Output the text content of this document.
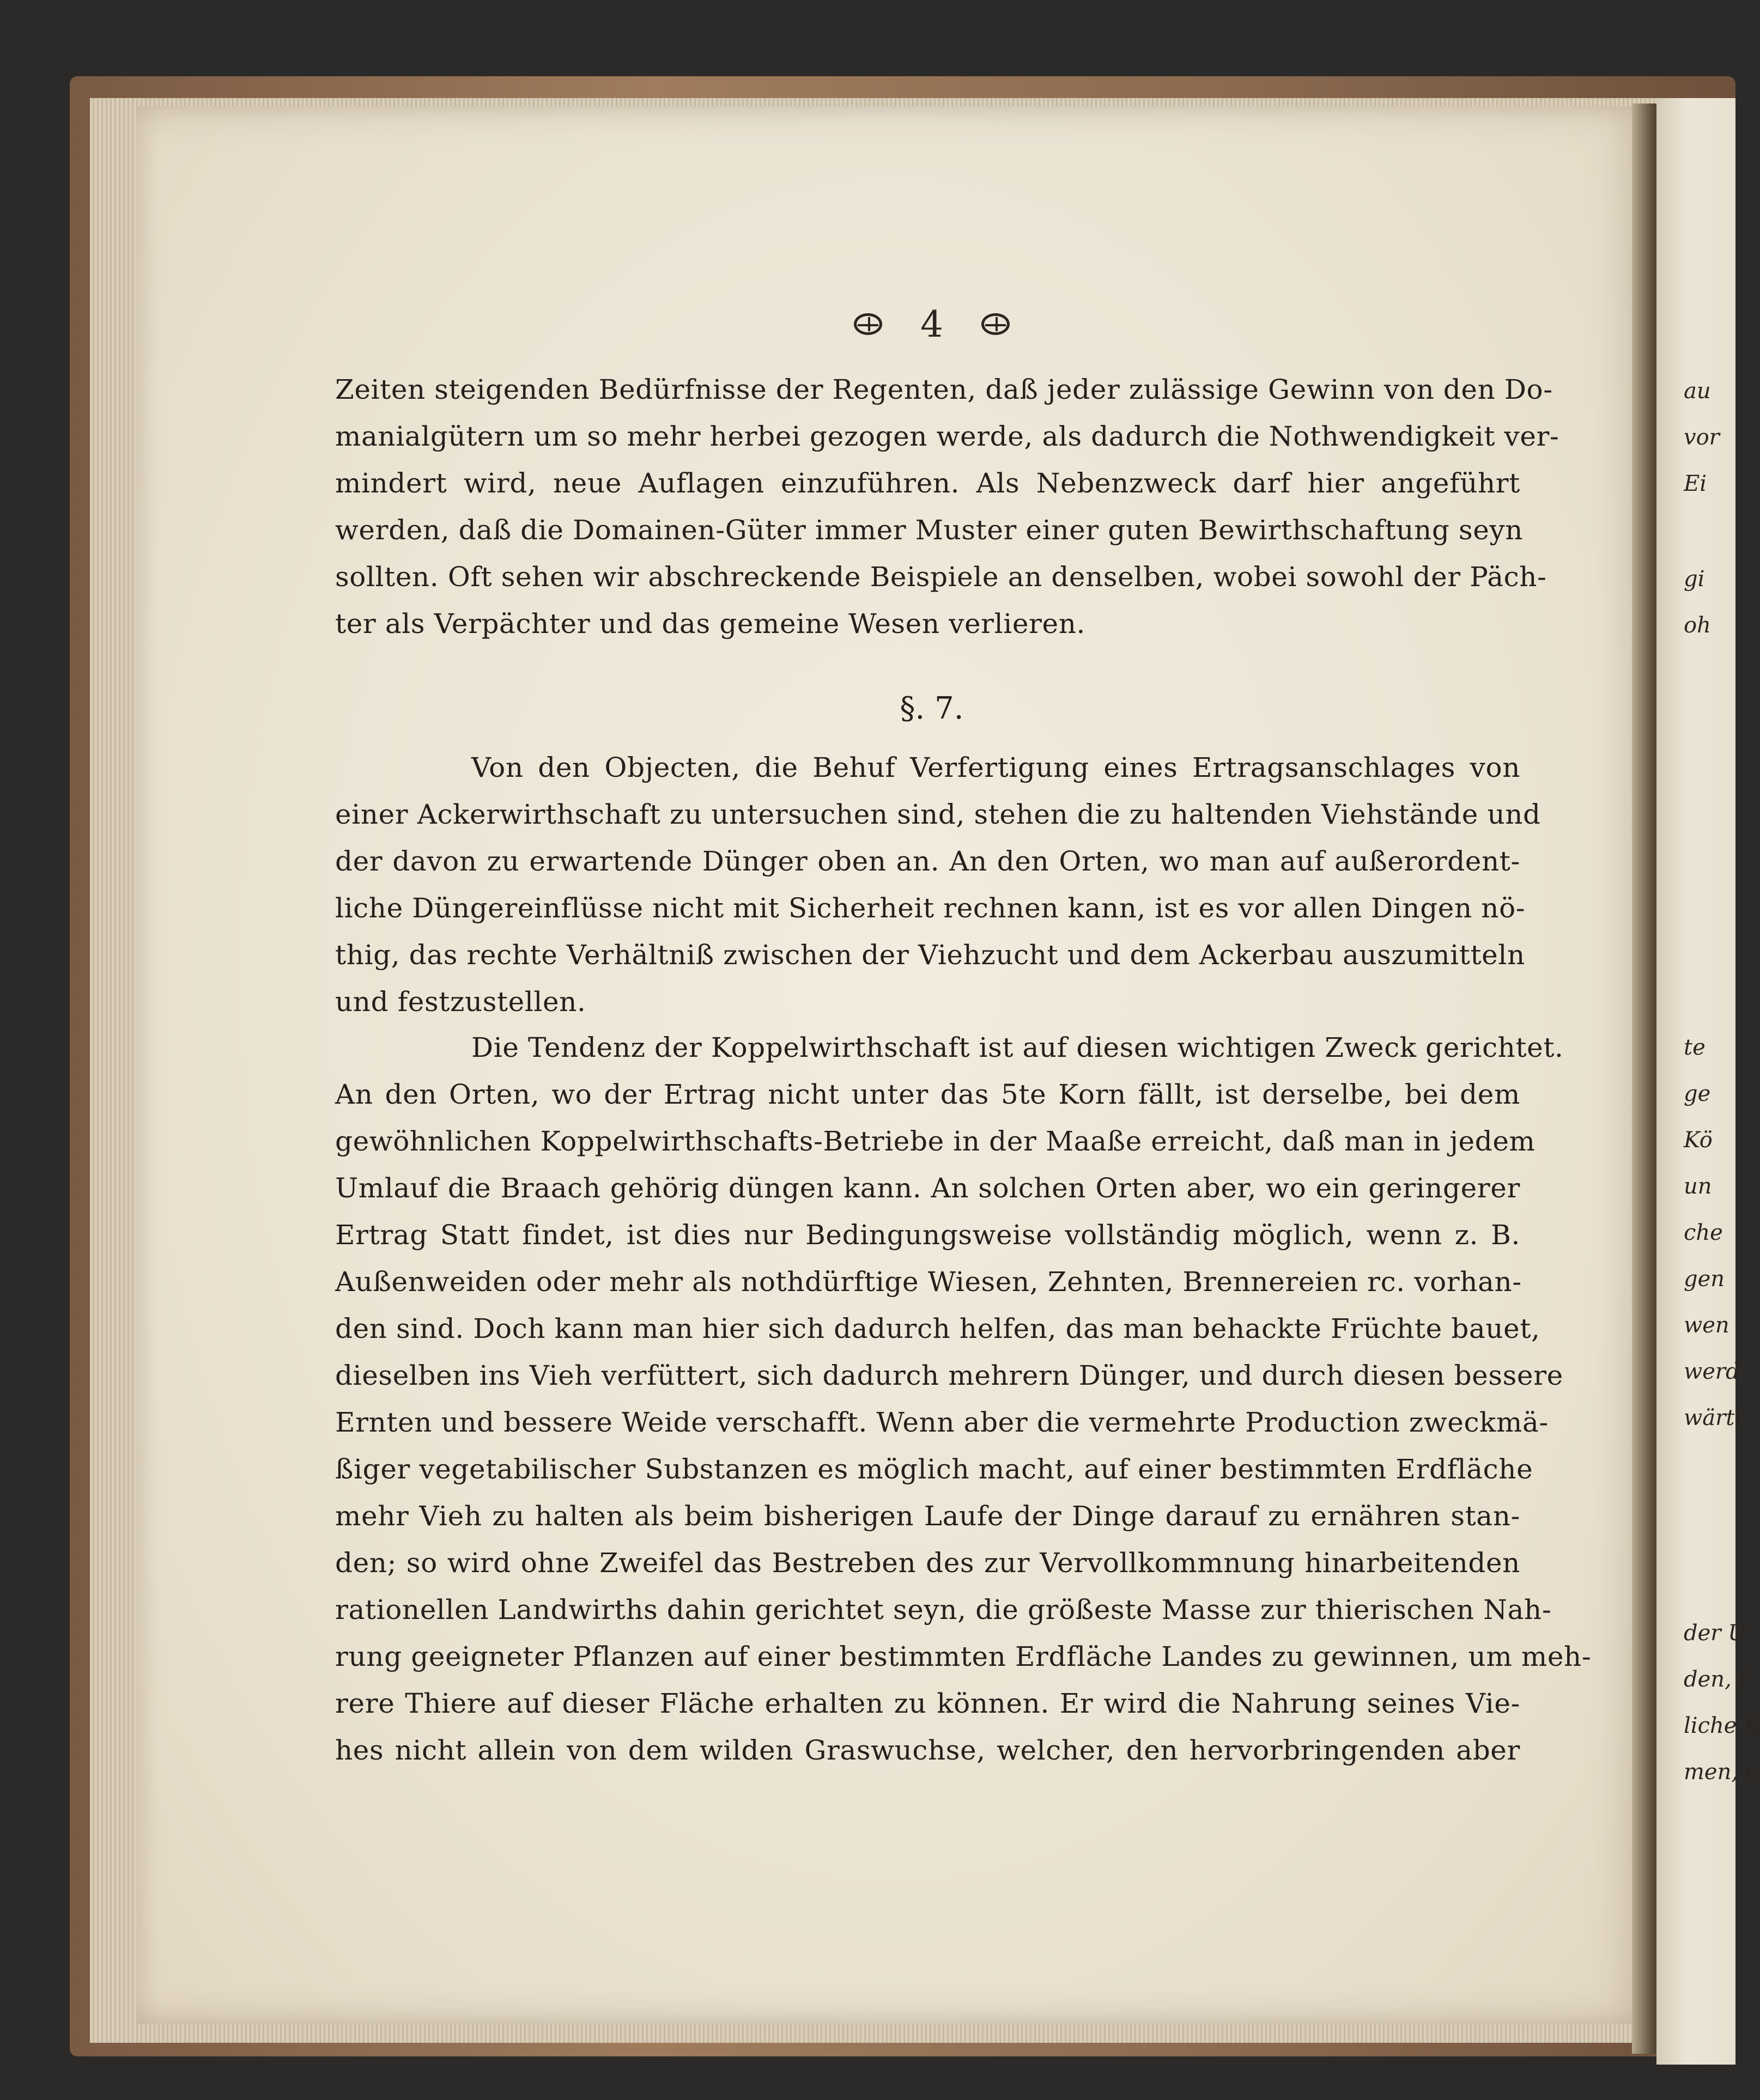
au
vor
Ei
gi
oh
te
ge
Kö
un
che
gen
wen
werd
wärti
der U
den, f
liche K
men, c
4
Zeiten steigenden Bedürfnisse der Regenten, daß jeder zulässige Gewinn von den Do-
manialgütern um so mehr herbei gezogen werde, als dadurch die Nothwendigkeit ver-
mindert wird, neue Auflagen einzuführen. Als Nebenzweck darf hier angeführt
werden, daß die Domainen-Güter immer Muster einer guten Bewirthschaftung seyn
sollten. Oft sehen wir abschreckende Beispiele an denselben, wobei sowohl der Päch-
ter als Verpächter und das gemeine Wesen verlieren.
§. 7.
Von den Objecten, die Behuf Verfertigung eines Ertragsanschlages von
einer Ackerwirthschaft zu untersuchen sind, stehen die zu haltenden Viehstände und
der davon zu erwartende Dünger oben an. An den Orten, wo man auf außerordent-
liche Düngereinflüsse nicht mit Sicherheit rechnen kann, ist es vor allen Dingen nö-
thig, das rechte Verhältniß zwischen der Viehzucht und dem Ackerbau auszumitteln
und festzustellen.
Die Tendenz der Koppelwirthschaft ist auf diesen wichtigen Zweck gerichtet.
An den Orten, wo der Ertrag nicht unter das 5te Korn fällt, ist derselbe, bei dem
gewöhnlichen Koppelwirthschafts-Betriebe in der Maaße erreicht, daß man in jedem
Umlauf die Braach gehörig düngen kann. An solchen Orten aber, wo ein geringerer
Ertrag Statt findet, ist dies nur Bedingungsweise vollständig möglich, wenn z. B.
Außenweiden oder mehr als nothdürftige Wiesen, Zehnten, Brennereien rc. vorhan-
den sind. Doch kann man hier sich dadurch helfen, das man behackte Früchte bauet,
dieselben ins Vieh verfüttert, sich dadurch mehrern Dünger, und durch diesen bessere
Ernten und bessere Weide verschafft. Wenn aber die vermehrte Production zweckmä-
ßiger vegetabilischer Substanzen es möglich macht, auf einer bestimmten Erdfläche
mehr Vieh zu halten als beim bisherigen Laufe der Dinge darauf zu ernähren stan-
den; so wird ohne Zweifel das Bestreben des zur Vervollkommnung hinarbeitenden
rationellen Landwirths dahin gerichtet seyn, die größeste Masse zur thierischen Nah-
rung geeigneter Pflanzen auf einer bestimmten Erdfläche Landes zu gewinnen, um meh-
rere Thiere auf dieser Fläche erhalten zu können. Er wird die Nahrung seines Vie-
hes nicht allein von dem wilden Graswuchse, welcher, den hervorbringenden aber
